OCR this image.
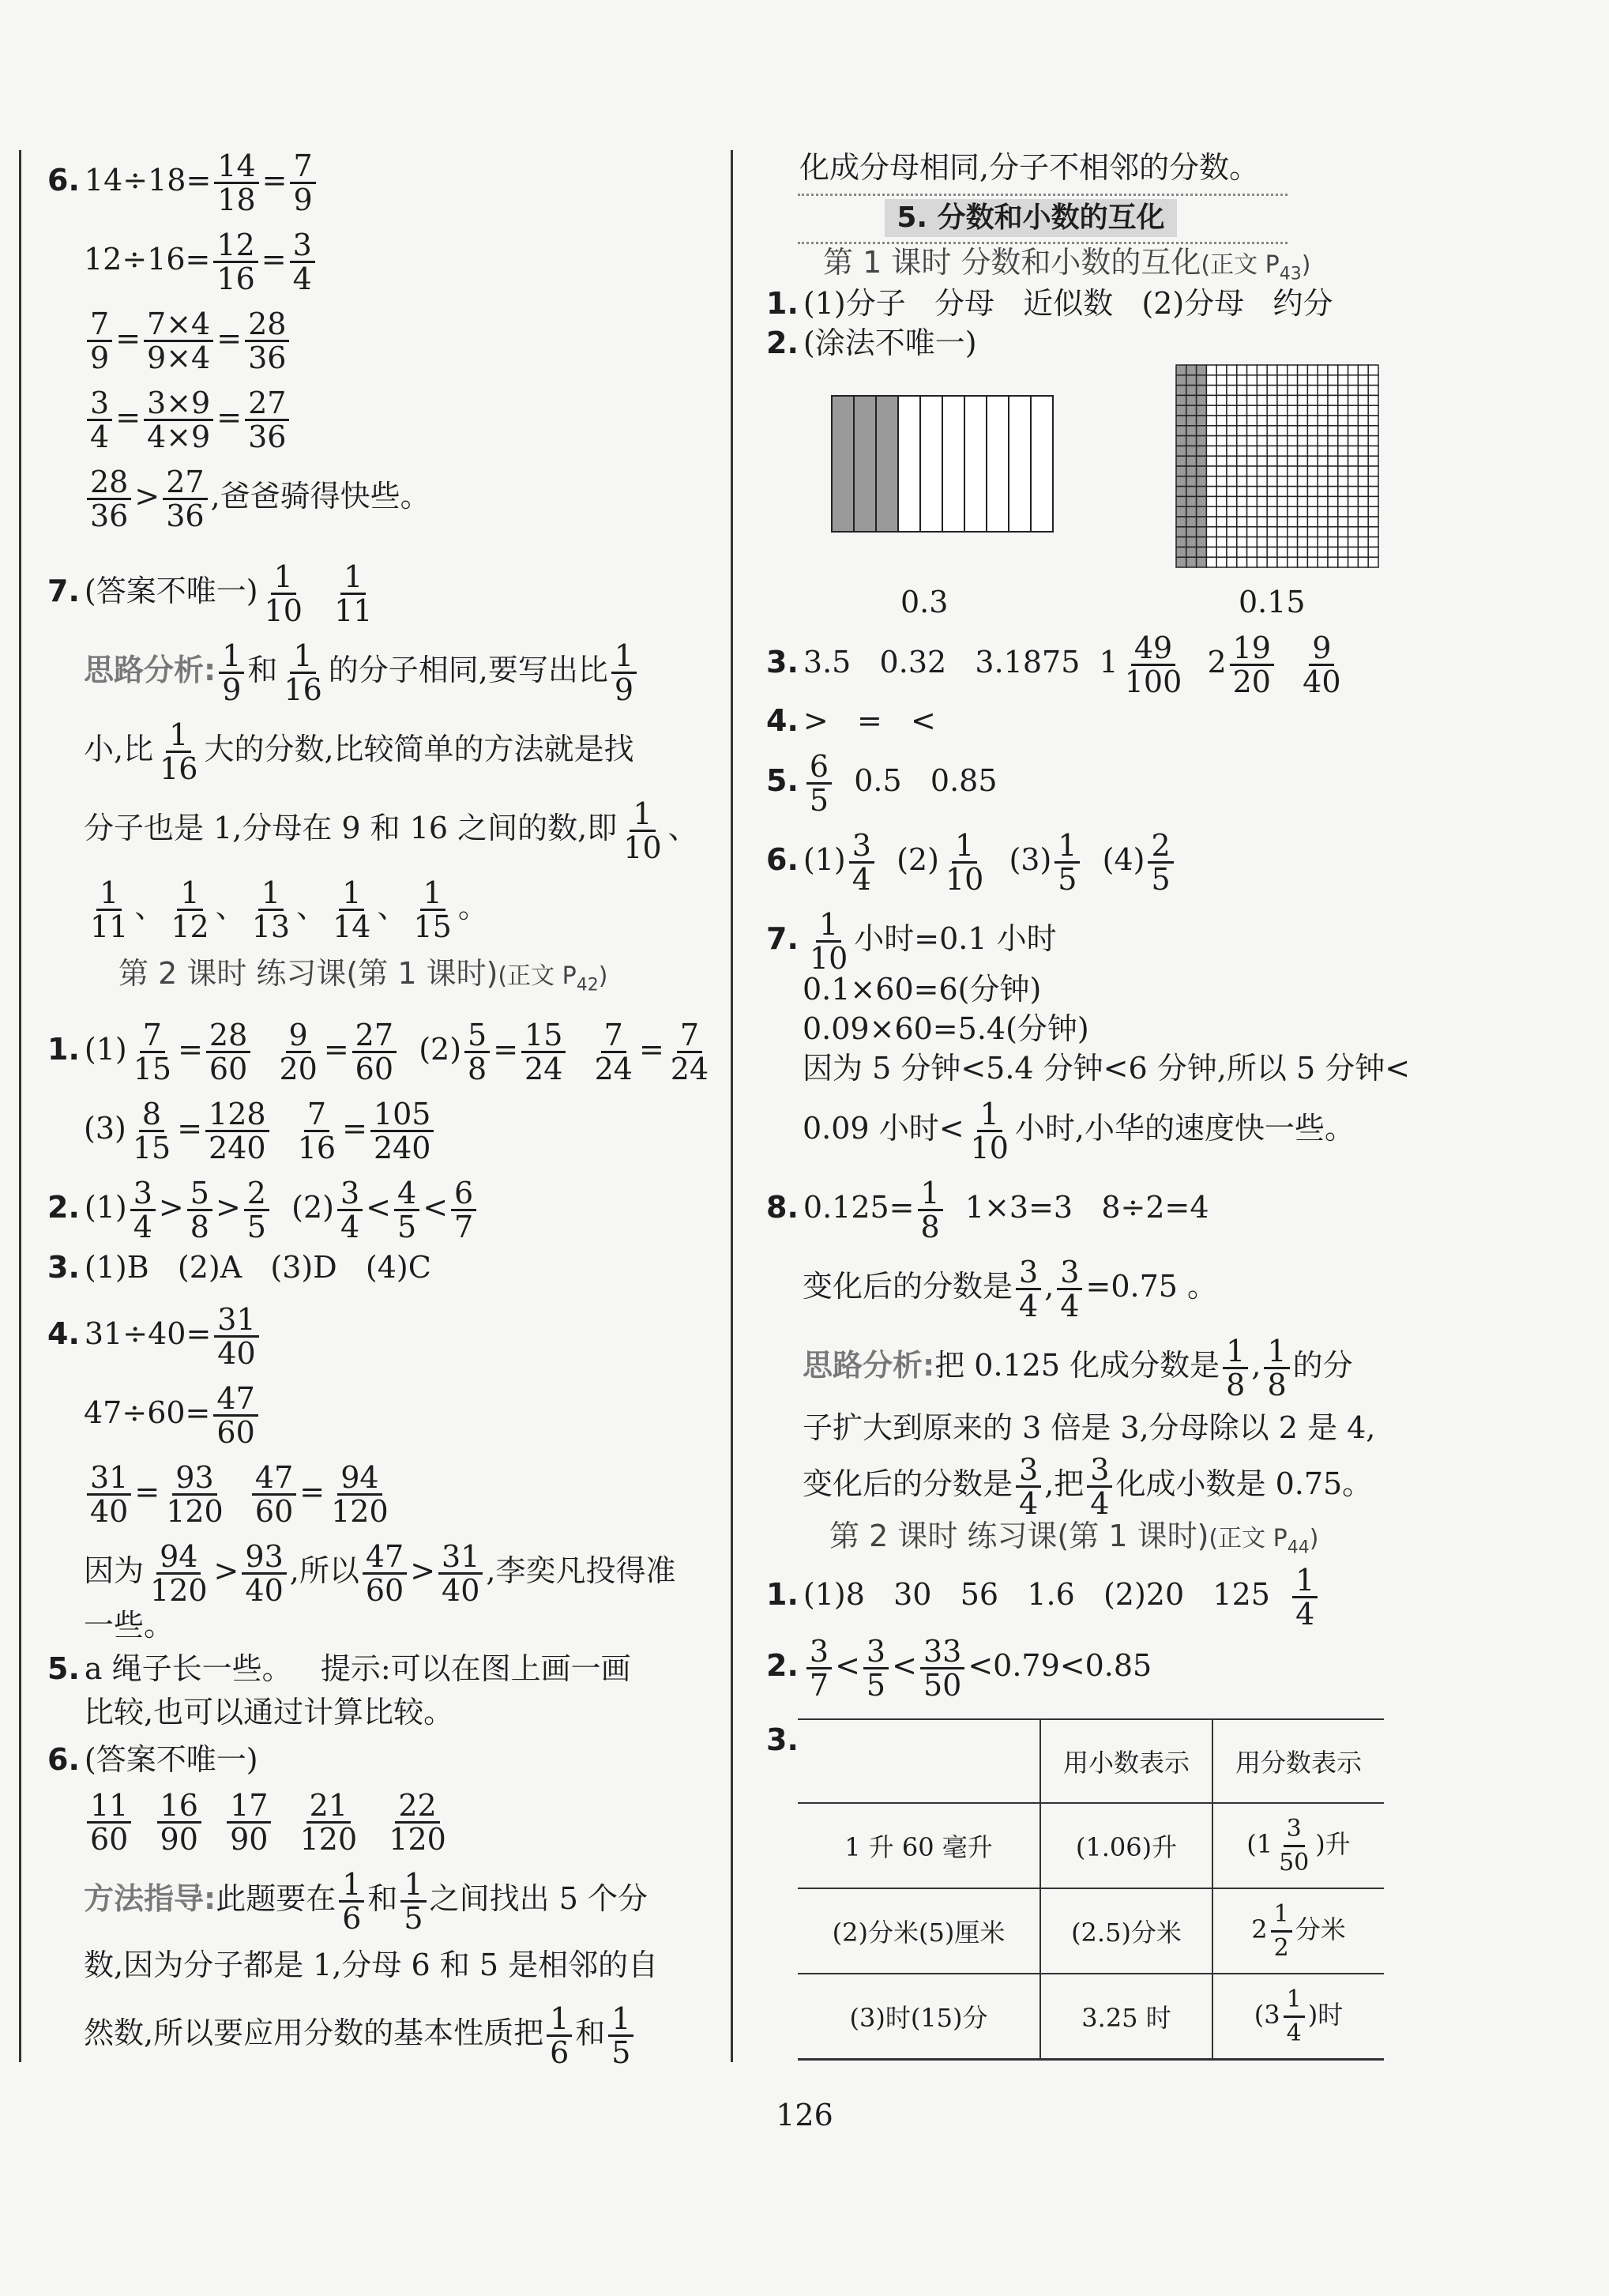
6. $14\div 18= \frac{14}{18} = \frac{7}{9}$
$12\div 16= \frac{12}{16} = \frac{3}{4}$
$\frac{7}{9} = \frac{7\times 4}{9\times 4} = \frac{28}{36}$
$\frac{3}{4} = \frac{3\times 9}{4\times 9} = \frac{27}{36}$
$\frac{28}{36} > \frac{27}{36}$ ,爸爸骑得快些。
7. (答案不唯一) $\frac{1}{10}$
$\frac{1}{11}$
思路分析: $\frac{1}{9}$ 和 $\frac{1}{16}$ 的分子相同,要写出比 $\frac{1}{9}$
小,比 $\frac{1}{16}$ 大的分数,比较简单的方法就是找
分子也是 1,分母在 9 和 16 之间的数,即 $\frac{1}{10}$ 、
$\frac{1}{11}$ 、 $\frac{1}{12}$ 、 $\frac{1}{13}$ 、 $\frac{1}{14}$ 、 $\frac{1}{15}$ 。
第 2 课时 练习课(第 1 课时)(正文 $P_{42}$)
1. $(1) \frac{7}{15} = \frac{28}{60}$
$\frac{9}{20} = \frac{27}{60} (2) \frac{5}{8} = \frac{15}{24}$
$\frac{7}{24} = \frac{7}{24}$
$(3) \frac{8}{15} = \frac{128}{240}$
$\frac{7}{16} = \frac{105}{240}$
2. $(1) \frac{3}{4} > \frac{5}{8} > \frac{2}{5} (2) \frac{3}{4} < \frac{4}{5} < \frac{6}{7}$
3. (1)B   (2)A   (3)D   (4)C
4. $31\div 40= \frac{31}{40}$
$47\div 60= \frac{47}{60}$
$\frac{31}{40} = \frac{93}{120}$
$\frac{47}{60} = \frac{94}{120}$
因为 $\frac{94}{120} > \frac{93}{40}$ ,所以 $\frac{47}{60} > \frac{31}{40}$ ,李奕凡投得准
一些。
5. a 绳子长一些。   提示:可以在图上画一画
比较,也可以通过计算比较。
6. (答案不唯一)
$\frac{11}{60}$
$\frac{16}{90}$
$\frac{17}{90}$
$\frac{21}{120}$
$\frac{22}{120}$
方法指导:此题要在 $\frac{1}{6}$ 和 $\frac{1}{5}$ 之间找出 5 个分
数,因为分子都是 1,分母 6 和 5 是相邻的自
然数,所以要应用分数的基本性质把 $\frac{1}{6}$ 和 $\frac{1}{5}$
化成分母相同,分子不相邻的分数。
5. 分数和小数的互化
第 1 课时 分数和小数的互化(正文 $P_{43}$)
1. (1)分子   分母   近似数   (2)分母   约分
2. (涂法不唯一)
0.3	0.15
3. 3.5   0.32   3.1875 $1 \frac{49}{100} 2 \frac{19}{20}$
$\frac{9}{40}$
4. >   =   <
5. $\frac{6}{5} 0.5$   0.85
6. $(1) \frac{3}{4} (2) \frac{1}{10} (3) \frac{1}{5} (4) \frac{2}{5}$
7. $\frac{1}{10}$ 小时=0.1 小时
0.1×60=6(分钟)
0.09×60=5.4(分钟)
因为 5 分钟<5.4 分钟<6 分钟,所以 5 分钟<
0.09 小时< $\frac{1}{10}$ 小时,小华的速度快一些。
8. $0.125= \frac{1}{8} 1\times 3=3$   8÷2=4
变化后的分数是 $\frac{3}{4}$ , $\frac{3}{4} =0.75$ 。
思路分析:把 0.125 化成分数是 $\frac{1}{8}$ , $\frac{1}{8}$ 的分
子扩大到原来的 3 倍是 3,分母除以 2 是 4,
变化后的分数是 $\frac{3}{4}$ ,把 $\frac{3}{4}$ 化成小数是 0.75。
第 2 课时 练习课(第 1 课时)(正文 $P_{44}$)
1. (1)8   30   56   1.6   (2)20   $125 \frac{1}{4}$
2. $\frac{3}{7} < \frac{3}{5} < \frac{33}{50} <0.79<0.85$
3.
	用小数表示	用分数表示
1 升 60 毫升	(1.06)升	($1 \frac{3}{50}$ )升
(2)分米(5)厘米	(2.5)分米	$2 \frac{1}{2}$ 分米
(3)时(15)分	3.25 时	($3 \frac{1}{4}$ )时
126
